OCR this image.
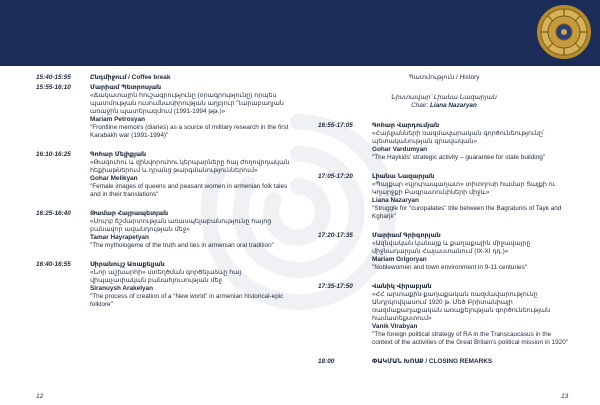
15:40-15:55	Ընդմիջում / Coffee break
15:55-16:10	Մարիամ Պետրոսյան
«Ճակատային հուշագրությունը (օրագրությունը) որպես պատմության ուսումնասիրության աղբյուր Ղարաբաղյան առաջին պատերազմում (1991-1994 թթ.)»
Mariam Petrosyan
"Frontline memoirs (diaries) as a source of military research in the first Karabakh war (1991-1994)"
16:10-16:25	Գոհար Մելիքյան
«Թագուհու և զինվորուհու կերպարները հայ ժողովրդական հեքիաթներում և դրանց թարգմանություններում»
Gohar Melikyan
"Female images of queens and peasant women in armenian folk tales and in their translations"
16:25-16:40	Թամար Հայրապետյան
«Սուրբ ճշմարտության առասպելաբանությունը հայոց բանավոր ավանդության մեջ»
Tamar Hayrapetyan
"The mythologeme of the truth and lies in armenian oral tradition"
16:40-16:55	Սիրանույշ Առաքելյան
«Նոր աշխարհի» ստեղծման գործելաձևը հայ վիպաչափական բանահյուսության մեջ
Siranuysh Arakelyan
"The process of creation of a “New world” in armenian historical-epic folklore"
Պատմություն / History
Նիստավար՝ Լիանա Նազարյան
Chair: Liana Nazaryan
16:55-17:05	Գոհար Վարդումյան
«Հայկյանների ռազմավարական գործունեությունը՝ պետականության գրավական»
Gohar Vardumyan
"The Haykids' strategic activity – guarantee for state building"
17:05-17:20	Լիանա Նազարյան
«Պայքար «կյուրապաղատ» տիտղոսի համար Տայքի ու Կղարջքի Բագրատունիների միջև»
Liana Nazaryan
"Struggle for “curopalates” title between the Bagratunis of Tayk and Kgharjk"
17:20-17:35	Մարիամ Գրիգորյան
«Ազնվական կանայք և քաղաքային միջավայրը միջնադարյան Հայաստանում (IX-XI դդ.)»
Mariam Grigoryan
"Noblewomen and town environment in 9-11 centuries"
17:35-17:50	Վանիկ Վիրաբյան
«ՀՀ արտաքին-քաղաքական ռազմավարությունը Անդրկովկասում 1920 թ. Մեծ Բրիտանիայի ռազմաքաղաքական առաքելության գործունեության համատեքստում»
Vanik Virabyan
"The foreign political strategy of RA in the Transcaucasus in the context of the activities of the Great Britain's political mission in 1920"
18:00	ՓԱԿՄԱՆ ԽՈՍՔ / CLOSING REMARKS
12	13
